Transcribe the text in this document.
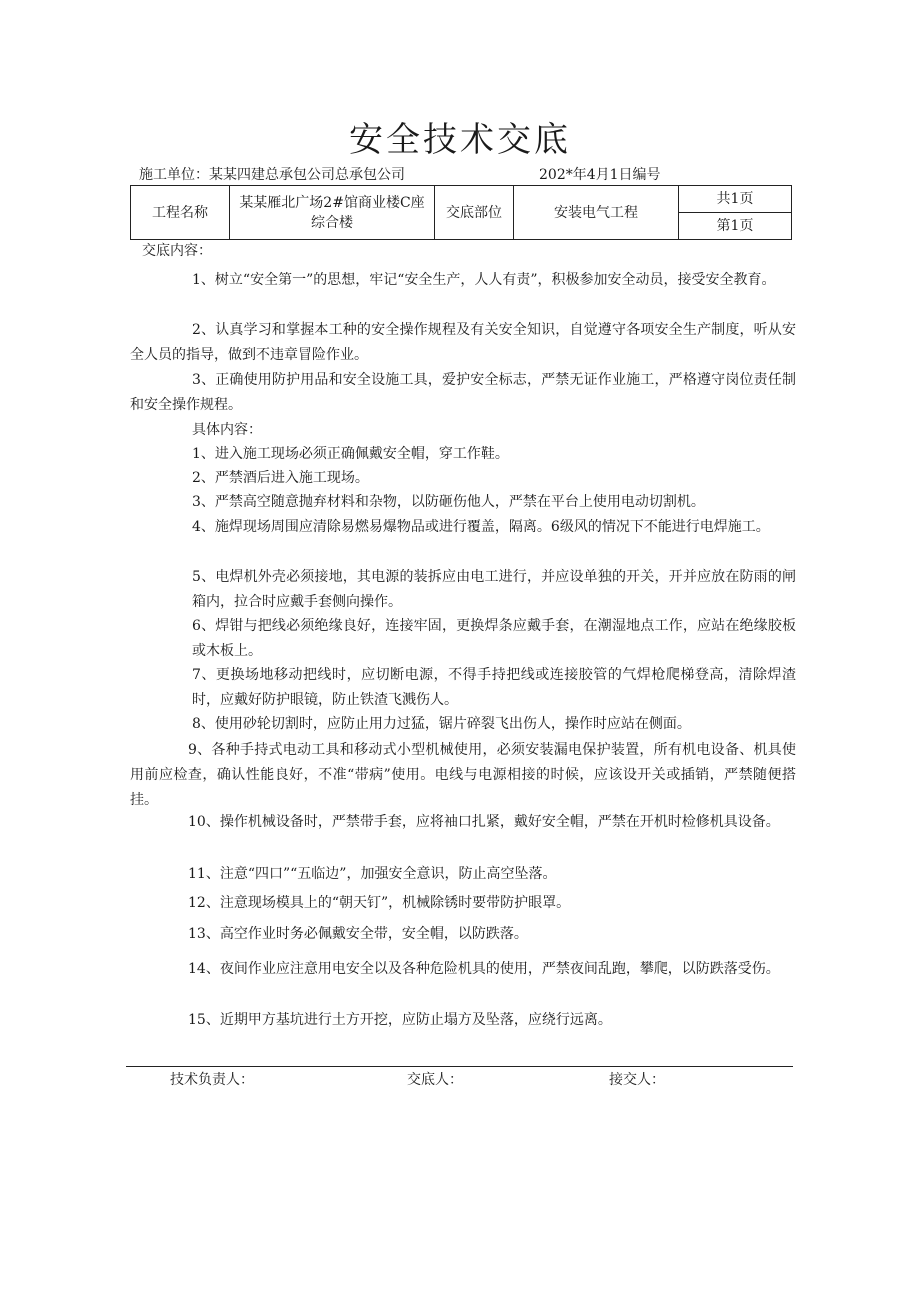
安全技术交底
施工单位：某某四建总承包公司总承包公司	202*年4月1日编号
工程名称	某某雁北广场2#馆商业楼C座综合楼	交底部位	安装电气工程	共1页
第1页
交底内容：
1、树立“安全第一”的思想，牢记“安全生产，人人有责”，积极参加安全动员，接受安全教育。
2、认真学习和掌握本工种的安全操作规程及有关安全知识，自觉遵守各项安全生产制度，听从安全人员的指导，做到不违章冒险作业。
3、正确使用防护用品和安全设施工具，爱护安全标志，严禁无证作业施工，严格遵守岗位责任制和安全操作规程。
具体内容：
1、进入施工现场必须正确佩戴安全帽，穿工作鞋。
2、严禁酒后进入施工现场。
3、严禁高空随意抛弃材料和杂物，以防砸伤他人，严禁在平台上使用电动切割机。
4、施焊现场周围应清除易燃易爆物品或进行覆盖，隔离。6级风的情况下不能进行电焊施工。
5、电焊机外壳必须接地，其电源的装拆应由电工进行，并应设单独的开关，开并应放在防雨的闸箱内，拉合时应戴手套侧向操作。
6、焊钳与把线必须绝缘良好，连接牢固，更换焊条应戴手套，在潮湿地点工作，应站在绝缘胶板或木板上。
7、更换场地移动把线时，应切断电源，不得手持把线或连接胶管的气焊枪爬梯登高，清除焊渣时，应戴好防护眼镜，防止铁渣飞溅伤人。
8、使用砂轮切割时，应防止用力过猛，锯片碎裂飞出伤人，操作时应站在侧面。
9、各种手持式电动工具和移动式小型机械使用，必须安装漏电保护装置，所有机电设备、机具使用前应检查，确认性能良好，不准“带病”使用。电线与电源相接的时候，应该设开关或插销，严禁随便搭挂。
10、操作机械设备时，严禁带手套，应将袖口扎紧，戴好安全帽，严禁在开机时检修机具设备。
11、注意“四口”“五临边”，加强安全意识，防止高空坠落。
12、注意现场模具上的“朝天钉”，机械除锈时要带防护眼罩。
13、高空作业时务必佩戴安全带，安全帽，以防跌落。
14、夜间作业应注意用电安全以及各种危险机具的使用，严禁夜间乱跑，攀爬，以防跌落受伤。
15、近期甲方基坑进行土方开挖，应防止塌方及坠落，应绕行远离。
技术负责人：	交底人：	接交人：
